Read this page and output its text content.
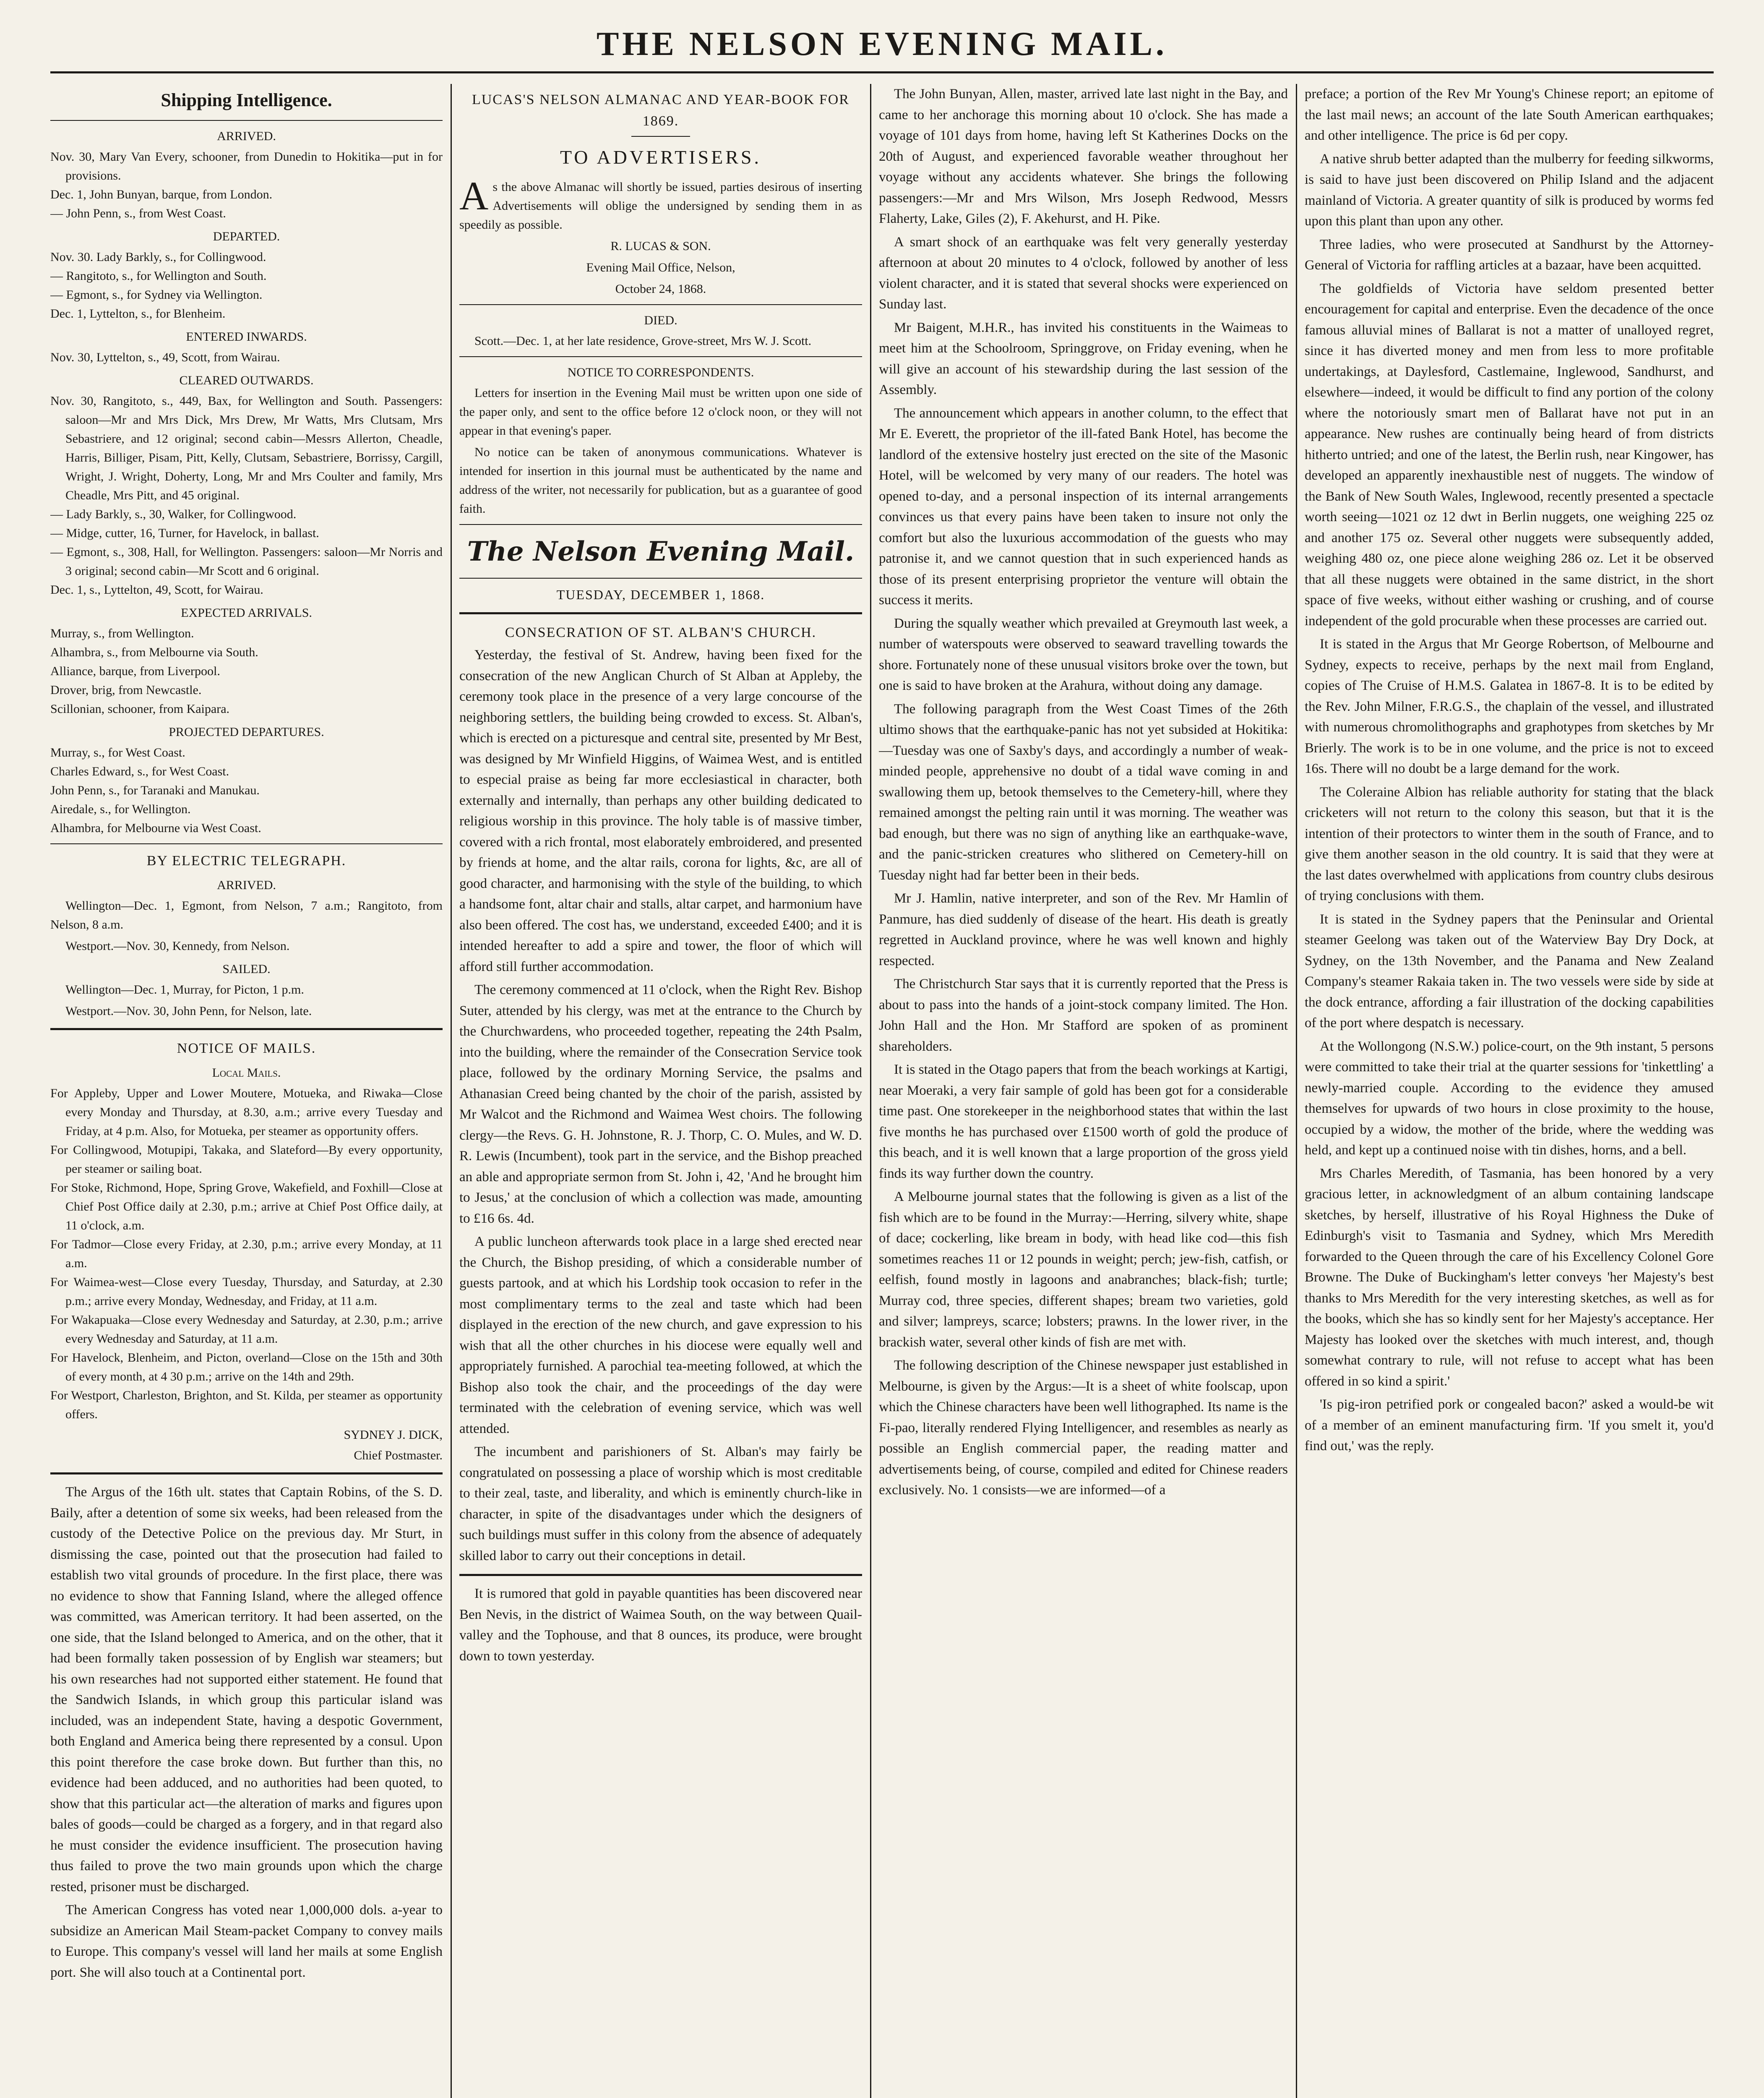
THE NELSON EVENING MAIL.
Shipping Intelligence.
ARRIVED.

Nov. 30, Mary Van Every, schooner, from Dunedin to Hokitika—put in for provisions.

Dec. 1, John Bunyan, barque, from London.

— John Penn, s., from West Coast.

DEPARTED.

Nov. 30. Lady Barkly, s., for Collingwood.

— Rangitoto, s., for Wellington and South.

— Egmont, s., for Sydney via Wellington.

Dec. 1, Lyttelton, s., for Blenheim.

ENTERED INWARDS.

Nov. 30, Lyttelton, s., 49, Scott, from Wairau.

CLEARED OUTWARDS.

Nov. 30, Rangitoto, s., 449, Bax, for Wellington and South. Passengers: saloon—Mr and Mrs Dick, Mrs Drew, Mr Watts, Mrs Clutsam, Mrs Sebastriere, and 12 original; second cabin—Messrs Allerton, Cheadle, Harris, Billiger, Pisam, Pitt, Kelly, Clutsam, Sebastriere, Borrissy, Cargill, Wright, J. Wright, Doherty, Long, Mr and Mrs Coulter and family, Mrs Cheadle, Mrs Pitt, and 45 original.

— Lady Barkly, s., 30, Walker, for Collingwood.

— Midge, cutter, 16, Turner, for Havelock, in ballast.

— Egmont, s., 308, Hall, for Wellington. Passengers: saloon—Mr Norris and 3 original; second cabin—Mr Scott and 6 original.

Dec. 1, s., Lyttelton, 49, Scott, for Wairau.

EXPECTED ARRIVALS.

Murray, s., from Wellington.

Alhambra, s., from Melbourne via South.

Alliance, barque, from Liverpool.

Drover, brig, from Newcastle.

Scillonian, schooner, from Kaipara.

PROJECTED DEPARTURES.

Murray, s., for West Coast.

Charles Edward, s., for West Coast.

John Penn, s., for Taranaki and Manukau.

Airedale, s., for Wellington.

Alhambra, for Melbourne via West Coast.

BY ELECTRIC TELEGRAPH.
ARRIVED.

Wellington—Dec. 1, Egmont, from Nelson, 7 a.m.; Rangitoto, from Nelson, 8 a.m.

Westport.—Nov. 30, Kennedy, from Nelson.

SAILED.

Wellington—Dec. 1, Murray, for Picton, 1 p.m.

Westport.—Nov. 30, John Penn, for Nelson, late.

NOTICE OF MAILS.
Local Mails.

For Appleby, Upper and Lower Moutere, Motueka, and Riwaka—Close every Monday and Thursday, at 8.30, a.m.; arrive every Tuesday and Friday, at 4 p.m. Also, for Motueka, per steamer as opportunity offers.

For Collingwood, Motupipi, Takaka, and Slateford—By every opportunity, per steamer or sailing boat.

For Stoke, Richmond, Hope, Spring Grove, Wakefield, and Foxhill—Close at Chief Post Office daily at 2.30, p.m.; arrive at Chief Post Office daily, at 11 o'clock, a.m.

For Tadmor—Close every Friday, at 2.30, p.m.; arrive every Monday, at 11 a.m.

For Waimea-west—Close every Tuesday, Thursday, and Saturday, at 2.30 p.m.; arrive every Monday, Wednesday, and Friday, at 11 a.m.

For Wakapuaka—Close every Wednesday and Saturday, at 2.30, p.m.; arrive every Wednesday and Saturday, at 11 a.m.

For Havelock, Blenheim, and Picton, overland—Close on the 15th and 30th of every month, at 4 30 p.m.; arrive on the 14th and 29th.

For Westport, Charleston, Brighton, and St. Kilda, per steamer as opportunity offers.

SYDNEY J. DICK,
Chief Postmaster.

The Argus of the 16th ult. states that Captain Robins, of the S. D. Baily, after a detention of some six weeks, had been released from the custody of the Detective Police on the previous day. Mr Sturt, in dismissing the case, pointed out that the prosecution had failed to establish two vital grounds of procedure. In the first place, there was no evidence to show that Fanning Island, where the alleged offence was committed, was American territory. It had been asserted, on the one side, that the Island belonged to America, and on the other, that it had been formally taken possession of by English war steamers; but his own researches had not supported either statement. He found that the Sandwich Islands, in which group this particular island was included, was an independent State, having a despotic Government, both England and America being there represented by a consul. Upon this point therefore the case broke down. But further than this, no evidence had been adduced, and no authorities had been quoted, to show that this particular act—the alteration of marks and figures upon bales of goods—could be charged as a forgery, and in that regard also he must consider the evidence insufficient. The prosecution having thus failed to prove the two main grounds upon which the charge rested, prisoner must be discharged.

The American Congress has voted near 1,000,000 dols. a-year to subsidize an American Mail Steam-packet Company to convey mails to Europe. This company's vessel will land her mails at some English port. She will also touch at a Continental port.

LUCAS'S NELSON ALMANAC AND YEAR-BOOK FOR 1869.
TO ADVERTISERS.

As the above Almanac will shortly be issued, parties desirous of inserting Advertisements will oblige the undersigned by sending them in as speedily as possible.

R. LUCAS & SON.

Evening Mail Office, Nelson,

October 24, 1868.

DIED.

Scott.—Dec. 1, at her late residence, Grove-street, Mrs W. J. Scott.

NOTICE TO CORRESPONDENTS.

Letters for insertion in the Evening Mail must be written upon one side of the paper only, and sent to the office before 12 o'clock noon, or they will not appear in that evening's paper.

No notice can be taken of anonymous communications. Whatever is intended for insertion in this journal must be authenticated by the name and address of the writer, not necessarily for publication, but as a guarantee of good faith.

The Nelson Evening Mail.
TUESDAY, DECEMBER 1, 1868.
CONSECRATION OF ST. ALBAN'S CHURCH.

Yesterday, the festival of St. Andrew, having been fixed for the consecration of the new Anglican Church of St Alban at Appleby, the ceremony took place in the presence of a very large concourse of the neighboring settlers, the building being crowded to excess. St. Alban's, which is erected on a picturesque and central site, presented by Mr Best, was designed by Mr Winfield Higgins, of Waimea West, and is entitled to especial praise as being far more ecclesiastical in character, both externally and internally, than perhaps any other building dedicated to religious worship in this province. The holy table is of massive timber, covered with a rich frontal, most elaborately embroidered, and presented by friends at home, and the altar rails, corona for lights, &c, are all of good character, and harmonising with the style of the building, to which a handsome font, altar chair and stalls, altar carpet, and harmonium have also been offered. The cost has, we understand, exceeded £400; and it is intended hereafter to add a spire and tower, the floor of which will afford still further accommodation.

The ceremony commenced at 11 o'clock, when the Right Rev. Bishop Suter, attended by his clergy, was met at the entrance to the Church by the Churchwardens, who proceeded together, repeating the 24th Psalm, into the building, where the remainder of the Consecration Service took place, followed by the ordinary Morning Service, the psalms and Athanasian Creed being chanted by the choir of the parish, assisted by Mr Walcot and the Richmond and Waimea West choirs. The following clergy—the Revs. G. H. Johnstone, R. J. Thorp, C. O. Mules, and W. D. R. Lewis (Incumbent), took part in the service, and the Bishop preached an able and appropriate sermon from St. John i, 42, 'And he brought him to Jesus,' at the conclusion of which a collection was made, amounting to £16 6s. 4d.

A public luncheon afterwards took place in a large shed erected near the Church, the Bishop presiding, of which a considerable number of guests partook, and at which his Lordship took occasion to refer in the most complimentary terms to the zeal and taste which had been displayed in the erection of the new church, and gave expression to his wish that all the other churches in his diocese were equally well and appropriately furnished. A parochial tea-meeting followed, at which the Bishop also took the chair, and the proceedings of the day were terminated with the celebration of evening service, which was well attended.

The incumbent and parishioners of St. Alban's may fairly be congratulated on possessing a place of worship which is most creditable to their zeal, taste, and liberality, and which is eminently church-like in character, in spite of the disadvantages under which the designers of such buildings must suffer in this colony from the absence of adequately skilled labor to carry out their conceptions in detail.

It is rumored that gold in payable quantities has been discovered near Ben Nevis, in the district of Waimea South, on the way between Quail-valley and the Tophouse, and that 8 ounces, its produce, were brought down to town yesterday.

The John Bunyan, Allen, master, arrived late last night in the Bay, and came to her anchorage this morning about 10 o'clock. She has made a voyage of 101 days from home, having left St Katherines Docks on the 20th of August, and experienced favorable weather throughout her voyage without any accidents whatever. She brings the following passengers:—Mr and Mrs Wilson, Mrs Joseph Redwood, Messrs Flaherty, Lake, Giles (2), F. Akehurst, and H. Pike.

A smart shock of an earthquake was felt very generally yesterday afternoon at about 20 minutes to 4 o'clock, followed by another of less violent character, and it is stated that several shocks were experienced on Sunday last.

Mr Baigent, M.H.R., has invited his constituents in the Waimeas to meet him at the Schoolroom, Springgrove, on Friday evening, when he will give an account of his stewardship during the last session of the Assembly.

The announcement which appears in another column, to the effect that Mr E. Everett, the proprietor of the ill-fated Bank Hotel, has become the landlord of the extensive hostelry just erected on the site of the Masonic Hotel, will be welcomed by very many of our readers. The hotel was opened to-day, and a personal inspection of its internal arrangements convinces us that every pains have been taken to insure not only the comfort but also the luxurious accommodation of the guests who may patronise it, and we cannot question that in such experienced hands as those of its present enterprising proprietor the venture will obtain the success it merits.

During the squally weather which prevailed at Greymouth last week, a number of waterspouts were observed to seaward travelling towards the shore. Fortunately none of these unusual visitors broke over the town, but one is said to have broken at the Arahura, without doing any damage.

The following paragraph from the West Coast Times of the 26th ultimo shows that the earthquake-panic has not yet subsided at Hokitika:—Tuesday was one of Saxby's days, and accordingly a number of weak-minded people, apprehensive no doubt of a tidal wave coming in and swallowing them up, betook themselves to the Cemetery-hill, where they remained amongst the pelting rain until it was morning. The weather was bad enough, but there was no sign of anything like an earthquake-wave, and the panic-stricken creatures who slithered on Cemetery-hill on Tuesday night had far better been in their beds.

Mr J. Hamlin, native interpreter, and son of the Rev. Mr Hamlin of Panmure, has died suddenly of disease of the heart. His death is greatly regretted in Auckland province, where he was well known and highly respected.

The Christchurch Star says that it is currently reported that the Press is about to pass into the hands of a joint-stock company limited. The Hon. John Hall and the Hon. Mr Stafford are spoken of as prominent shareholders.

It is stated in the Otago papers that from the beach workings at Kartigi, near Moeraki, a very fair sample of gold has been got for a considerable time past. One storekeeper in the neighborhood states that within the last five months he has purchased over £1500 worth of gold the produce of this beach, and it is well known that a large proportion of the gross yield finds its way further down the country.

A Melbourne journal states that the following is given as a list of the fish which are to be found in the Murray:—Herring, silvery white, shape of dace; cockerling, like bream in body, with head like cod—this fish sometimes reaches 11 or 12 pounds in weight; perch; jew-fish, catfish, or eelfish, found mostly in lagoons and anabranches; black-fish; turtle; Murray cod, three species, different shapes; bream two varieties, gold and silver; lampreys, scarce; lobsters; prawns. In the lower river, in the brackish water, several other kinds of fish are met with.

The following description of the Chinese newspaper just established in Melbourne, is given by the Argus:—It is a sheet of white foolscap, upon which the Chinese characters have been well lithographed. Its name is the Fi-pao, literally rendered Flying Intelligencer, and resembles as nearly as possible an English commercial paper, the reading matter and advertisements being, of course, compiled and edited for Chinese readers exclusively. No. 1 consists—we are informed—of a

preface; a portion of the Rev Mr Young's Chinese report; an epitome of the last mail news; an account of the late South American earthquakes; and other intelligence. The price is 6d per copy.

A native shrub better adapted than the mulberry for feeding silkworms, is said to have just been discovered on Philip Island and the adjacent mainland of Victoria. A greater quantity of silk is produced by worms fed upon this plant than upon any other.

Three ladies, who were prosecuted at Sandhurst by the Attorney-General of Victoria for raffling articles at a bazaar, have been acquitted.

The goldfields of Victoria have seldom presented better encouragement for capital and enterprise. Even the decadence of the once famous alluvial mines of Ballarat is not a matter of unalloyed regret, since it has diverted money and men from less to more profitable undertakings, at Daylesford, Castlemaine, Inglewood, Sandhurst, and elsewhere—indeed, it would be difficult to find any portion of the colony where the notoriously smart men of Ballarat have not put in an appearance. New rushes are continually being heard of from districts hitherto untried; and one of the latest, the Berlin rush, near Kingower, has developed an apparently inexhaustible nest of nuggets. The window of the Bank of New South Wales, Inglewood, recently presented a spectacle worth seeing—1021 oz 12 dwt in Berlin nuggets, one weighing 225 oz and another 175 oz. Several other nuggets were subsequently added, weighing 480 oz, one piece alone weighing 286 oz. Let it be observed that all these nuggets were obtained in the same district, in the short space of five weeks, without either washing or crushing, and of course independent of the gold procurable when these processes are carried out.

It is stated in the Argus that Mr George Robertson, of Melbourne and Sydney, expects to receive, perhaps by the next mail from England, copies of The Cruise of H.M.S. Galatea in 1867-8. It is to be edited by the Rev. John Milner, F.R.G.S., the chaplain of the vessel, and illustrated with numerous chromolithographs and graphotypes from sketches by Mr Brierly. The work is to be in one volume, and the price is not to exceed 16s. There will no doubt be a large demand for the work.

The Coleraine Albion has reliable authority for stating that the black cricketers will not return to the colony this season, but that it is the intention of their protectors to winter them in the south of France, and to give them another season in the old country. It is said that they were at the last dates overwhelmed with applications from country clubs desirous of trying conclusions with them.

It is stated in the Sydney papers that the Peninsular and Oriental steamer Geelong was taken out of the Waterview Bay Dry Dock, at Sydney, on the 13th November, and the Panama and New Zealand Company's steamer Rakaia taken in. The two vessels were side by side at the dock entrance, affording a fair illustration of the docking capabilities of the port where despatch is necessary.

At the Wollongong (N.S.W.) police-court, on the 9th instant, 5 persons were committed to take their trial at the quarter sessions for 'tinkettling' a newly-married couple. According to the evidence they amused themselves for upwards of two hours in close proximity to the house, occupied by a widow, the mother of the bride, where the wedding was held, and kept up a continued noise with tin dishes, horns, and a bell.

Mrs Charles Meredith, of Tasmania, has been honored by a very gracious letter, in acknowledgment of an album containing landscape sketches, by herself, illustrative of his Royal Highness the Duke of Edinburgh's visit to Tasmania and Sydney, which Mrs Meredith forwarded to the Queen through the care of his Excellency Colonel Gore Browne. The Duke of Buckingham's letter conveys 'her Majesty's best thanks to Mrs Meredith for the very interesting sketches, as well as for the books, which she has so kindly sent for her Majesty's acceptance. Her Majesty has looked over the sketches with much interest, and, though somewhat contrary to rule, will not refuse to accept what has been offered in so kind a spirit.'

'Is pig-iron petrified pork or congealed bacon?' asked a would-be wit of a member of an eminent manufacturing firm. 'If you smelt it, you'd find out,' was the reply.
